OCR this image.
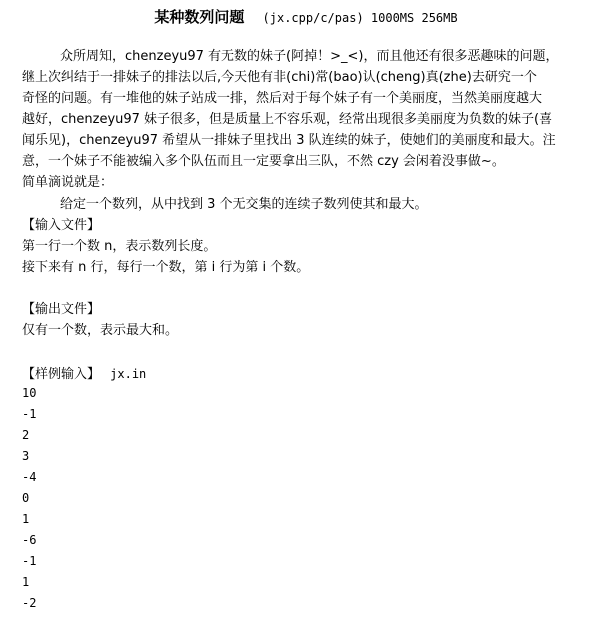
某种数列问题 (jx.cpp/c/pas) 1000MS 256MB
众所周知，chenzeyu97 有无数的妹子(阿掉！>_<)，而且他还有很多恶趣味的问题，
继上次纠结于一排妹子的排法以后,今天他有非(chi)常(bao)认(cheng)真(zhe)去研究一个
奇怪的问题。有一堆他的妹子站成一排，然后对于每个妹子有一个美丽度，当然美丽度越大
越好，chenzeyu97 妹子很多，但是质量上不容乐观，经常出现很多美丽度为负数的妹子(喜
闻乐见)，chenzeyu97 希望从一排妹子里找出 3 队连续的妹子，使她们的美丽度和最大。注
意，一个妹子不能被编入多个队伍而且一定要拿出三队，不然 czy 会闲着没事做~。
简单滴说就是：
给定一个数列，从中找到 3 个无交集的连续子数列使其和最大。
【输入文件】
第一行一个数 n，表示数列长度。
接下来有 n 行，每行一个数，第 i 行为第 i 个数。
【输出文件】
仅有一个数，表示最大和。
【样例输入】 jx.in
10
-1
2
3
-4
0
1
-6
-1
1
-2
